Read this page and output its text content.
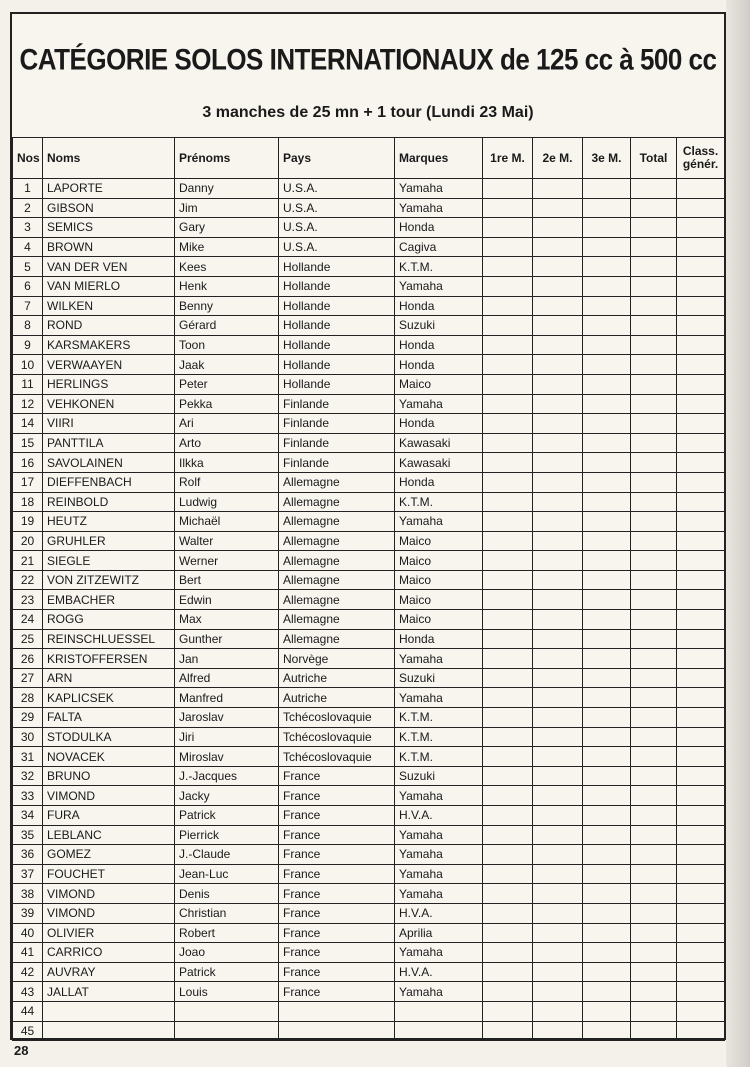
CATÉGORIE SOLOS INTERNATIONAUX de 125 cc à 500 cc
3 manches de 25 mn + 1 tour (Lundi 23 Mai)
Nos	Noms	Prénoms	Pays	Marques	1re M.	2e M.	3e M.	Total	Class. génér.
1	LAPORTE	Danny	U.S.A.	Yamaha					
2	GIBSON	Jim	U.S.A.	Yamaha					
3	SEMICS	Gary	U.S.A.	Honda					
4	BROWN	Mike	U.S.A.	Cagiva					
5	VAN DER VEN	Kees	Hollande	K.T.M.					
6	VAN MIERLO	Henk	Hollande	Yamaha					
7	WILKEN	Benny	Hollande	Honda					
8	ROND	Gérard	Hollande	Suzuki					
9	KARSMAKERS	Toon	Hollande	Honda					
10	VERWAAYEN	Jaak	Hollande	Honda					
11	HERLINGS	Peter	Hollande	Maico					
12	VEHKONEN	Pekka	Finlande	Yamaha					
14	VIIRI	Ari	Finlande	Honda					
15	PANTTILA	Arto	Finlande	Kawasaki					
16	SAVOLAINEN	Ilkka	Finlande	Kawasaki					
17	DIEFFENBACH	Rolf	Allemagne	Honda					
18	REINBOLD	Ludwig	Allemagne	K.T.M.					
19	HEUTZ	Michaël	Allemagne	Yamaha					
20	GRUHLER	Walter	Allemagne	Maico					
21	SIEGLE	Werner	Allemagne	Maico					
22	VON ZITZEWITZ	Bert	Allemagne	Maico					
23	EMBACHER	Edwin	Allemagne	Maico					
24	ROGG	Max	Allemagne	Maico					
25	REINSCHLUESSEL	Gunther	Allemagne	Honda					
26	KRISTOFFERSEN	Jan	Norvège	Yamaha					
27	ARN	Alfred	Autriche	Suzuki					
28	KAPLICSEK	Manfred	Autriche	Yamaha					
29	FALTA	Jaroslav	Tchécoslovaquie	K.T.M.					
30	STODULKA	Jiri	Tchécoslovaquie	K.T.M.					
31	NOVACEK	Miroslav	Tchécoslovaquie	K.T.M.					
32	BRUNO	J.-Jacques	France	Suzuki					
33	VIMOND	Jacky	France	Yamaha					
34	FURA	Patrick	France	H.V.A.					
35	LEBLANC	Pierrick	France	Yamaha					
36	GOMEZ	J.-Claude	France	Yamaha					
37	FOUCHET	Jean-Luc	France	Yamaha					
38	VIMOND	Denis	France	Yamaha					
39	VIMOND	Christian	France	H.V.A.					
40	OLIVIER	Robert	France	Aprilia					
41	CARRICO	Joao	France	Yamaha					
42	AUVRAY	Patrick	France	H.V.A.					
43	JALLAT	Louis	France	Yamaha					
44									
45									
28
